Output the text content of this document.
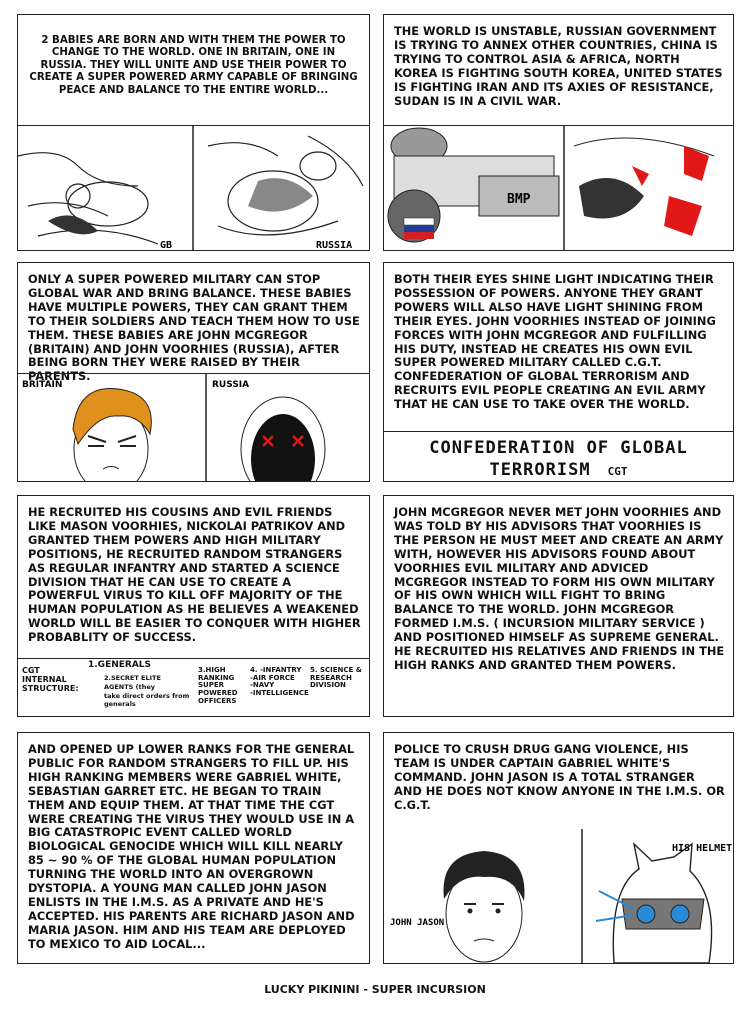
2 BABIES ARE BORN AND WITH THEM THE POWER TO CHANGE TO THE WORLD. ONE IN BRITAIN, ONE IN RUSSIA. THEY WILL UNITE AND USE THEIR POWER TO CREATE A SUPER POWERED ARMY CAPABLE OF BRINGING PEACE AND BALANCE TO THE ENTIRE WORLD...
GB	RUSSIA
THE WORLD IS UNSTABLE, RUSSIAN GOVERNMENT IS TRYING TO ANNEX OTHER COUNTRIES, CHINA IS TRYING TO CONTROL ASIA & AFRICA, NORTH KOREA IS FIGHTING SOUTH KOREA, UNITED STATES IS FIGHTING IRAN AND ITS AXIES OF RESISTANCE, SUDAN IS IN A CIVIL WAR.
BMP
ONLY A SUPER POWERED MILITARY CAN STOP GLOBAL WAR AND BRING BALANCE. THESE BABIES HAVE MULTIPLE POWERS, THEY CAN GRANT THEM TO THEIR SOLDIERS AND TEACH THEM HOW TO USE THEM. THESE BABIES ARE JOHN MCGREGOR (BRITAIN) AND JOHN VOORHIES (RUSSIA), AFTER BEING BORN THEY WERE RAISED BY THEIR PARENTS.
BRITAIN	RUSSIA
BOTH THEIR EYES SHINE LIGHT INDICATING THEIR POSSESSION OF POWERS. ANYONE THEY GRANT POWERS WILL ALSO HAVE LIGHT SHINING FROM THEIR EYES. JOHN VOORHIES INSTEAD OF JOINING FORCES WITH JOHN MCGREGOR AND FULFILLING HIS DUTY, INSTEAD HE CREATES HIS OWN EVIL SUPER POWERED MILITARY CALLED C.G.T. CONFEDERATION OF GLOBAL TERRORISM AND RECRUITS EVIL PEOPLE CREATING AN EVIL ARMY THAT HE CAN USE TO TAKE OVER THE WORLD.
CONFEDERATION OF GLOBAL
TERRORISM CGT
HE RECRUITED HIS COUSINS AND EVIL FRIENDS LIKE MASON VOORHIES, NICKOLAI PATRIKOV AND GRANTED THEM POWERS AND HIGH MILITARY POSITIONS, HE RECRUITED RANDOM STRANGERS AS REGULAR INFANTRY AND STARTED A SCIENCE DIVISION THAT HE CAN USE TO CREATE A POWERFUL VIRUS TO KILL OFF MAJORITY OF THE HUMAN POPULATION AS HE BELIEVES A WEAKENED WORLD WILL BE EASIER TO CONQUER WITH HIGHER PROBABLITY OF SUCCESS.
CGT INTERNAL STRUCTURE:
1.GENERALS
2.SECRET ELITE AGENTS (they
take direct orders from generals
3.HIGH RANKING SUPER POWERED OFFICERS
4. -INFANTRY
-AIR FORCE
-NAVY
-INTELLIGENCE
5. SCIENCE & RESEARCH DIVISION
JOHN MCGREGOR NEVER MET JOHN VOORHIES AND WAS TOLD BY HIS ADVISORS THAT VOORHIES IS THE PERSON HE MUST MEET AND CREATE AN ARMY WITH, HOWEVER HIS ADVISORS FOUND ABOUT VOORHIES EVIL MILITARY AND ADVICED MCGREGOR INSTEAD TO FORM HIS OWN MILITARY OF HIS OWN WHICH WILL FIGHT TO BRING BALANCE TO THE WORLD. JOHN MCGREGOR FORMED I.M.S. ( INCURSION MILITARY SERVICE ) AND POSITIONED HIMSELF AS SUPREME GENERAL. HE RECRUITED HIS RELATIVES AND FRIENDS IN THE HIGH RANKS AND GRANTED THEM POWERS.
AND OPENED UP LOWER RANKS FOR THE GENERAL PUBLIC FOR RANDOM STRANGERS TO FILL UP. HIS HIGH RANKING MEMBERS WERE GABRIEL WHITE, SEBASTIAN GARRET ETC. HE BEGAN TO TRAIN THEM AND EQUIP THEM. AT THAT TIME THE CGT WERE CREATING THE VIRUS THEY WOULD USE IN A BIG CATASTROPIC EVENT CALLED WORLD BIOLOGICAL GENOCIDE WHICH WILL KILL NEARLY 85 ~ 90 % OF THE GLOBAL HUMAN POPULATION TURNING THE WORLD INTO AN OVERGROWN DYSTOPIA. A YOUNG MAN CALLED JOHN JASON ENLISTS IN THE I.M.S. AS A PRIVATE AND HE'S ACCEPTED. HIS PARENTS ARE RICHARD JASON AND MARIA JASON. HIM AND HIS TEAM ARE DEPLOYED TO MEXICO TO AID LOCAL...
POLICE TO CRUSH DRUG GANG VIOLENCE, HIS TEAM IS UNDER CAPTAIN GABRIEL WHITE'S COMMAND. JOHN JASON IS A TOTAL STRANGER AND HE DOES NOT KNOW ANYONE IN THE I.M.S. OR C.G.T.
JOHN JASON
HIS HELMET
LUCKY PIKININI - SUPER INCURSION
